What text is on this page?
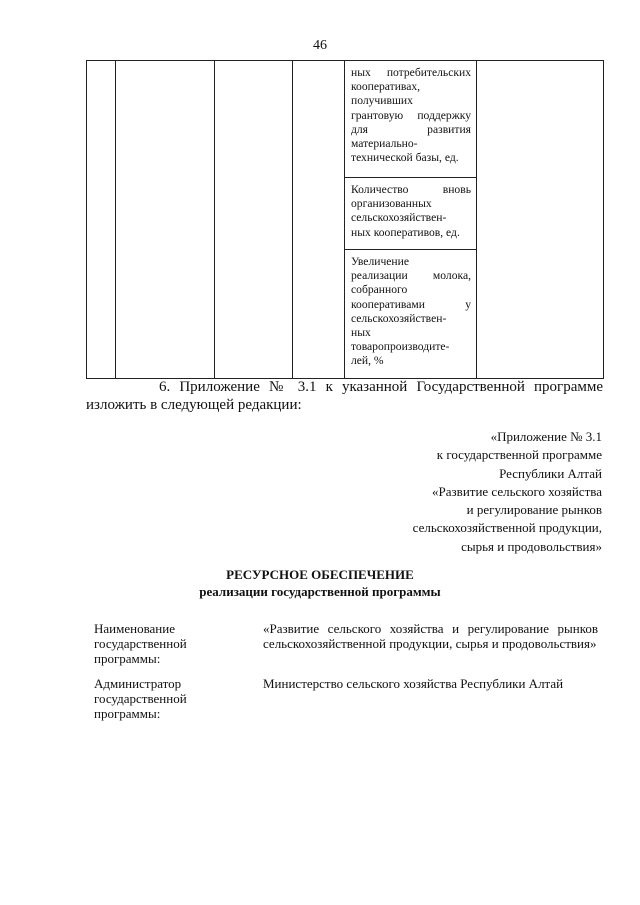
46

ных потребительских
кооперативах,
получивших
грантовую поддержку
для развития
материально-
технической базы, ед.

Количество вновь
организованных
сельскохозяйствен-
ных кооперативов, ед.

Увеличение
реализации молока,
собранного
кооперативами у
сельскохозяйствен-
ных
товаропроизводите-
лей, %
6. Приложение № 3.1 к указанной Государственной программе
изложить в следующей редакции:
«Приложение № 3.1
к государственной программе
Республики Алтай
«Развитие сельского хозяйства
и регулирование рынков
сельскохозяйственной продукции,
сырья и продовольствия»
РЕСУРСНОЕ ОБЕСПЕЧЕНИЕ
реализации государственной программы
Наименование
государственной
программы:
«Развитие сельского хозяйства и регулирование рынков
сельскохозяйственной продукции, сырья и продовольствия»
Администратор
государственной
программы:
Министерство сельского хозяйства Республики Алтай
